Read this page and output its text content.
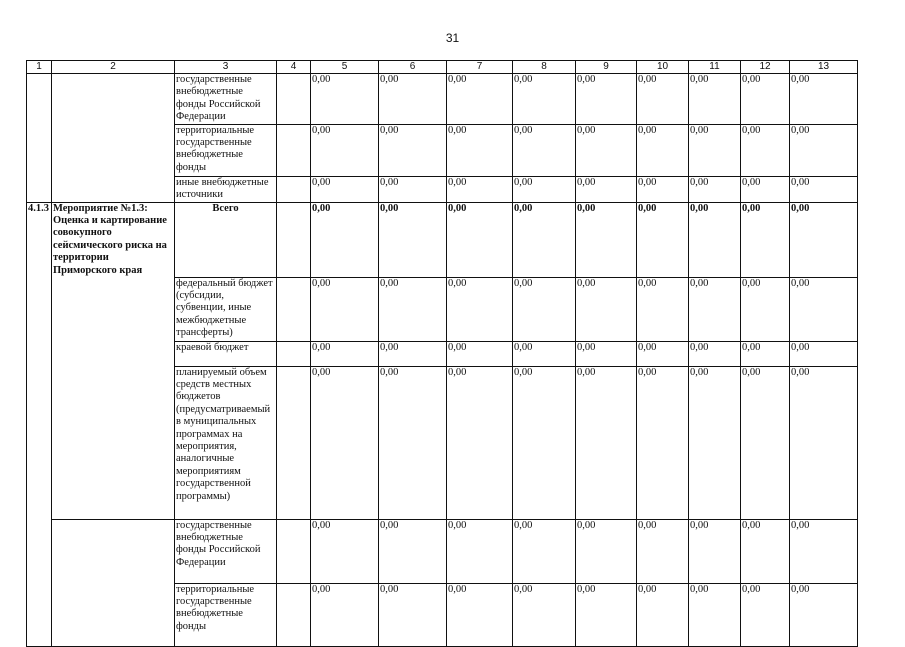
31
1	2	3	4	5	6	7	8	9	10	11	12	13
		государственные внебюджетные фонды Российской Федерации		0,00	0,00	0,00	0,00	0,00	0,00	0,00	0,00	0,00
		территориальные государственные внебюджетные фонды		0,00	0,00	0,00	0,00	0,00	0,00	0,00	0,00	0,00
		иные внебюджетные источники		0,00	0,00	0,00	0,00	0,00	0,00	0,00	0,00	0,00
4.1.3	Мероприятие №1.3: Оценка и картирование совокупного сейсмического риска на территории Приморского края	Всего		0,00	0,00	0,00	0,00	0,00	0,00	0,00	0,00	0,00
		федеральный бюджет (субсидии, субвенции, иные межбюджетные трансферты)		0,00	0,00	0,00	0,00	0,00	0,00	0,00	0,00	0,00
		краевой бюджет		0,00	0,00	0,00	0,00	0,00	0,00	0,00	0,00	0,00
		планируемый объем средств местных бюджетов (предусматриваемый в муниципальных программах на мероприятия, аналогичные мероприятиям государственной программы)		0,00	0,00	0,00	0,00	0,00	0,00	0,00	0,00	0,00
		государственные внебюджетные фонды Российской Федерации		0,00	0,00	0,00	0,00	0,00	0,00	0,00	0,00	0,00
		территориальные государственные внебюджетные фонды		0,00	0,00	0,00	0,00	0,00	0,00	0,00	0,00	0,00
